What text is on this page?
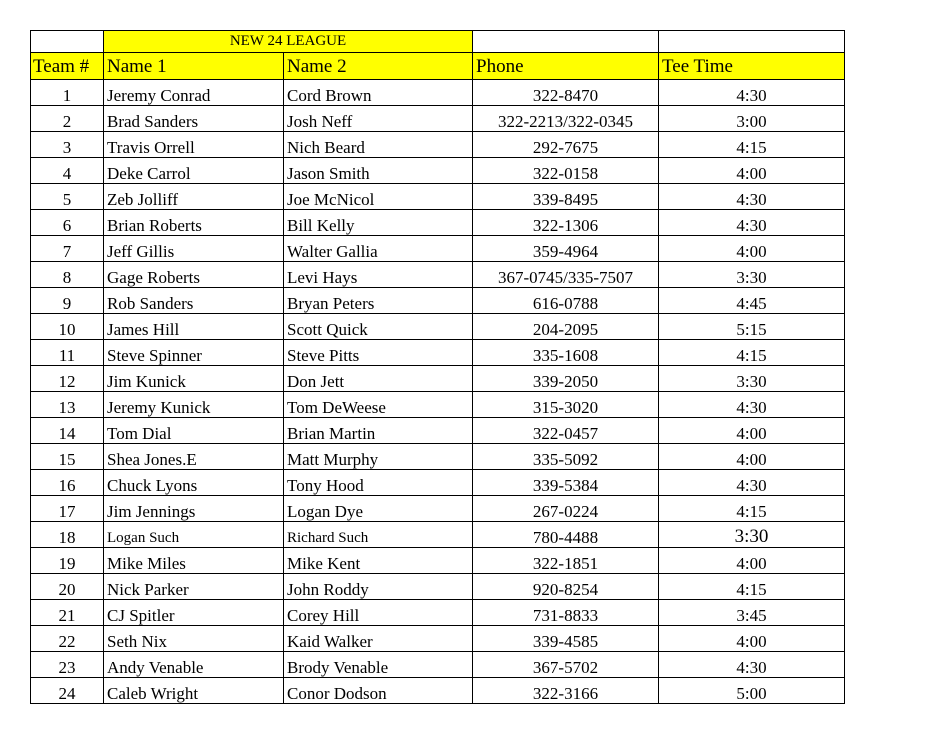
	NEW 24 LEAGUE			
Team #	Name 1	Name 2	Phone	Tee Time
1	Jeremy Conrad	Cord Brown	322-8470	4:30
2	Brad Sanders	Josh Neff	322-2213/322-0345	3:00
3	Travis Orrell	Nich Beard	292-7675	4:15
4	Deke Carrol	Jason Smith	322-0158	4:00
5	Zeb Jolliff	Joe McNicol	339-8495	4:30
6	Brian Roberts	Bill Kelly	322-1306	4:30
7	Jeff Gillis	Walter Gallia	359-4964	4:00
8	Gage Roberts	Levi Hays	367-0745/335-7507	3:30
9	Rob Sanders	Bryan Peters	616-0788	4:45
10	James Hill	Scott Quick	204-2095	5:15
11	Steve Spinner	Steve Pitts	335-1608	4:15
12	Jim Kunick	Don Jett	339-2050	3:30
13	Jeremy Kunick	Tom DeWeese	315-3020	4:30
14	Tom Dial	Brian Martin	322-0457	4:00
15	Shea Jones.E	Matt Murphy	335-5092	4:00
16	Chuck Lyons	Tony Hood	339-5384	4:30
17	Jim Jennings	Logan Dye	267-0224	4:15
18	Logan Such	Richard Such	780-4488	3:30
19	Mike Miles	Mike Kent	322-1851	4:00
20	Nick Parker	John Roddy	920-8254	4:15
21	CJ Spitler	Corey Hill	731-8833	3:45
22	Seth Nix	Kaid Walker	339-4585	4:00
23	Andy Venable	Brody Venable	367-5702	4:30
24	Caleb Wright	Conor Dodson	322-3166	5:00
